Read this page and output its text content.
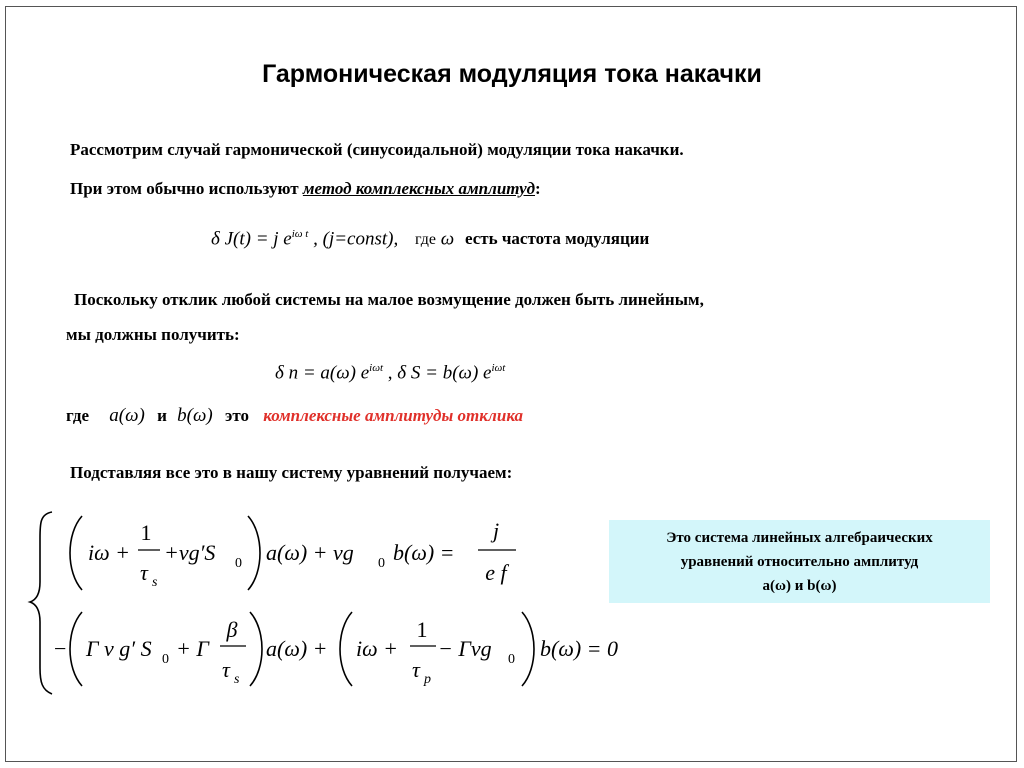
Гармоническая модуляция тока накачки
Рассмотрим случай гармонической (синусоидальной) модуляции тока накачки.
При этом обычно используют метод комплексных амплитуд:
δ J(t) = j $e^{i\omega t}$ , (j=const), где ω есть частота модуляции
Поскольку отклик любой системы на малое возмущение должен быть линейным,
мы должны получить:
δ n = a(ω) $e^{i\omega t}$ , δ S = b(ω) $e^{i\omega t}$
где a(ω) и b(ω) это комплексные амплитуды отклика
Подставляя все это в нашу систему уравнений получаем:
iω +
1
τ s
+vg′S 0 a(ω) + vg 0 b(ω) =
j
e f
− Γ v g′ S 0 + Γ
β
τ s
a(ω) + iω +
1
τ p
− Γvg 0 b(ω) = 0
Это система линейных алгебраических
уравнений относительно амплитуд
a(ω) и b(ω)
